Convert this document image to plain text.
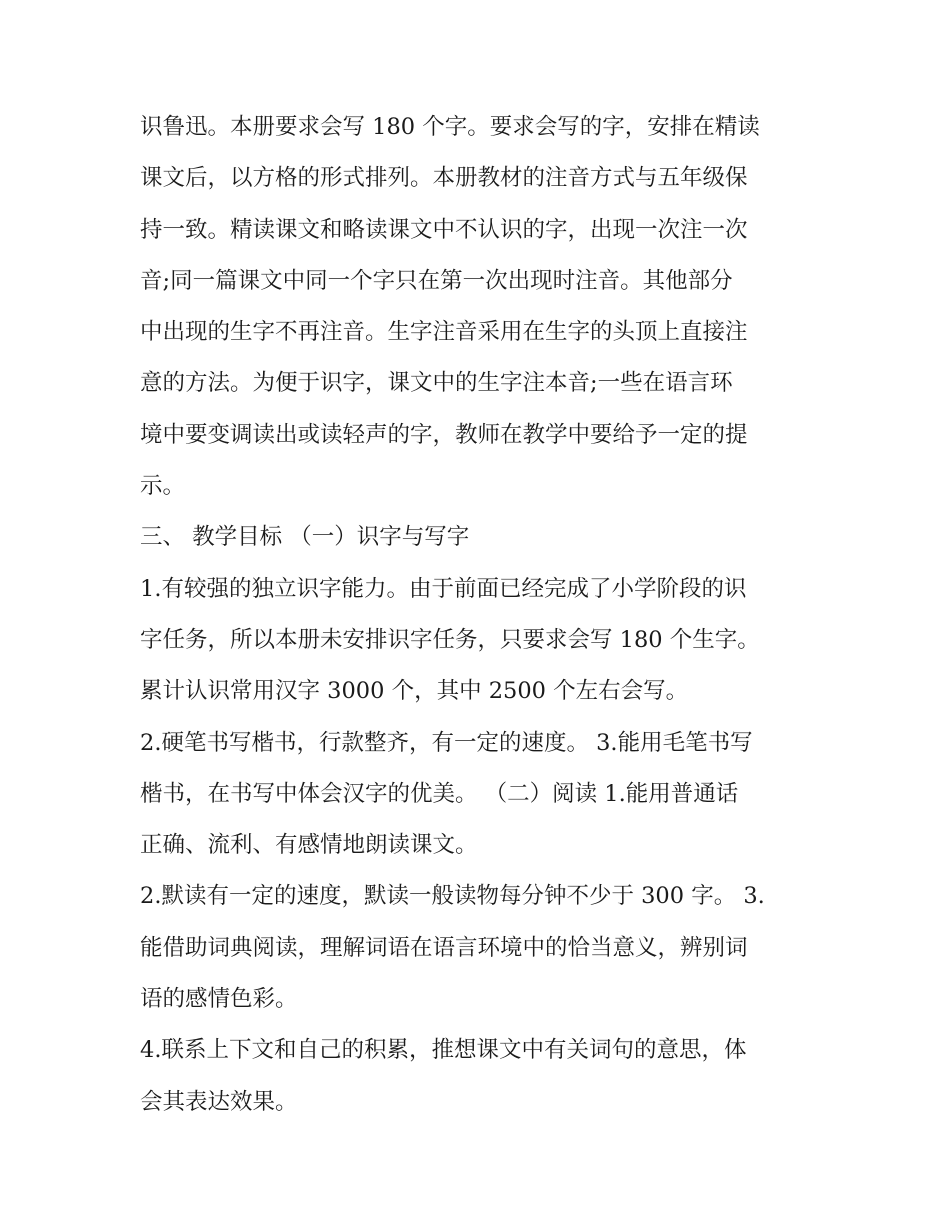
识鲁迅。本册要求会写 180 个字。要求会写的字，安排在精读
课文后，以方格的形式排列。本册教材的注音方式与五年级保
持一致。精读课文和略读课文中不认识的字，出现一次注一次
音;同一篇课文中同一个字只在第一次出现时注音。其他部分
中出现的生字不再注音。生字注音采用在生字的头顶上直接注
意的方法。为便于识字，课文中的生字注本音;一些在语言环
境中要变调读出或读轻声的字，教师在教学中要给予一定的提
示。
三、 教学目标 （一）识字与写字
1.有较强的独立识字能力。由于前面已经完成了小学阶段的识
字任务，所以本册未安排识字任务，只要求会写 180 个生字。
累计认识常用汉字 3000 个，其中 2500 个左右会写。
2.硬笔书写楷书，行款整齐，有一定的速度。 3.能用毛笔书写
楷书，在书写中体会汉字的优美。 （二）阅读 1.能用普通话
正确、流利、有感情地朗读课文。
2.默读有一定的速度，默读一般读物每分钟不少于 300 字。 3.
能借助词典阅读，理解词语在语言环境中的恰当意义，辨别词
语的感情色彩。
4.联系上下文和自己的积累，推想课文中有关词句的意思，体
会其表达效果。
